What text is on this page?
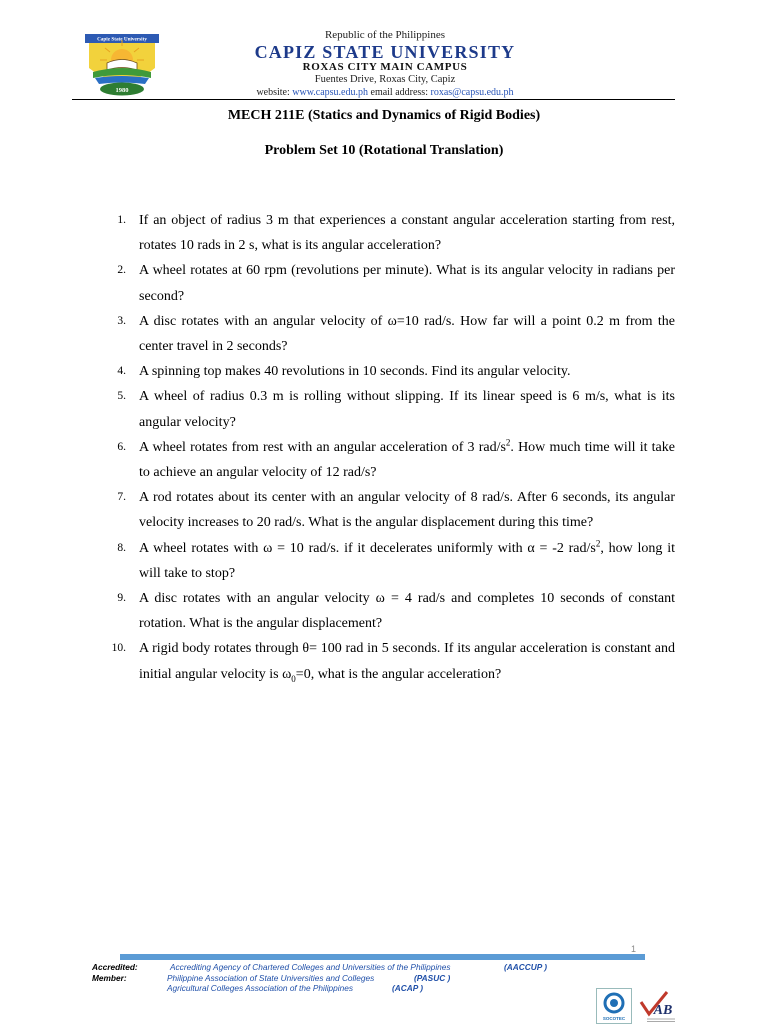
Capiz State University
1980
Republic of the Philippines
CAPIZ STATE UNIVERSITY
ROXAS CITY MAIN CAMPUS
Fuentes Drive, Roxas City, Capiz
website: www.capsu.edu.ph email address: roxas@capsu.edu.ph
MECH 211E (Statics and Dynamics of Rigid Bodies)
Problem Set 10 (Rotational Translation)
1. If an object of radius 3 m that experiences a constant angular acceleration starting from rest, rotates 10 rads in 2 s, what is its angular acceleration?
2. A wheel rotates at 60 rpm (revolutions per minute). What is its angular velocity in radians per second?
3. A disc rotates with an angular velocity of ω=10 rad/s. How far will a point 0.2 m from the center travel in 2 seconds?
4. A spinning top makes 40 revolutions in 10 seconds. Find its angular velocity.
5. A wheel of radius 0.3 m is rolling without slipping. If its linear speed is 6 m/s, what is its angular velocity?
6. A wheel rotates from rest with an angular acceleration of 3 rad/$s^2$. How much time will it take to achieve an angular velocity of 12 rad/s?
7. A rod rotates about its center with an angular velocity of 8 rad/s. After 6 seconds, its angular velocity increases to 20 rad/s. What is the angular displacement during this time?
8. A wheel rotates with ω = 10 rad/s. if it decelerates uniformly with α = -2 rad/$s^2$, how long it will take to stop?
9. A disc rotates with an angular velocity ω = 4 rad/s and completes 10 seconds of constant rotation. What is the angular displacement?
10. A rigid body rotates through θ= 100 rad in 5 seconds. If its angular acceleration is constant and initial angular velocity is $\omega_0=0$, what is the angular acceleration?
1
Accredited:	Accrediting Agency of Chartered Colleges and Universities of the Philippines	(AACCUP )
Member:	Philippine Association of State Universities and Colleges	(PASUC )
Agricultural Colleges Association of the Philippines	(ACAP )
SOCOTEC
AB
